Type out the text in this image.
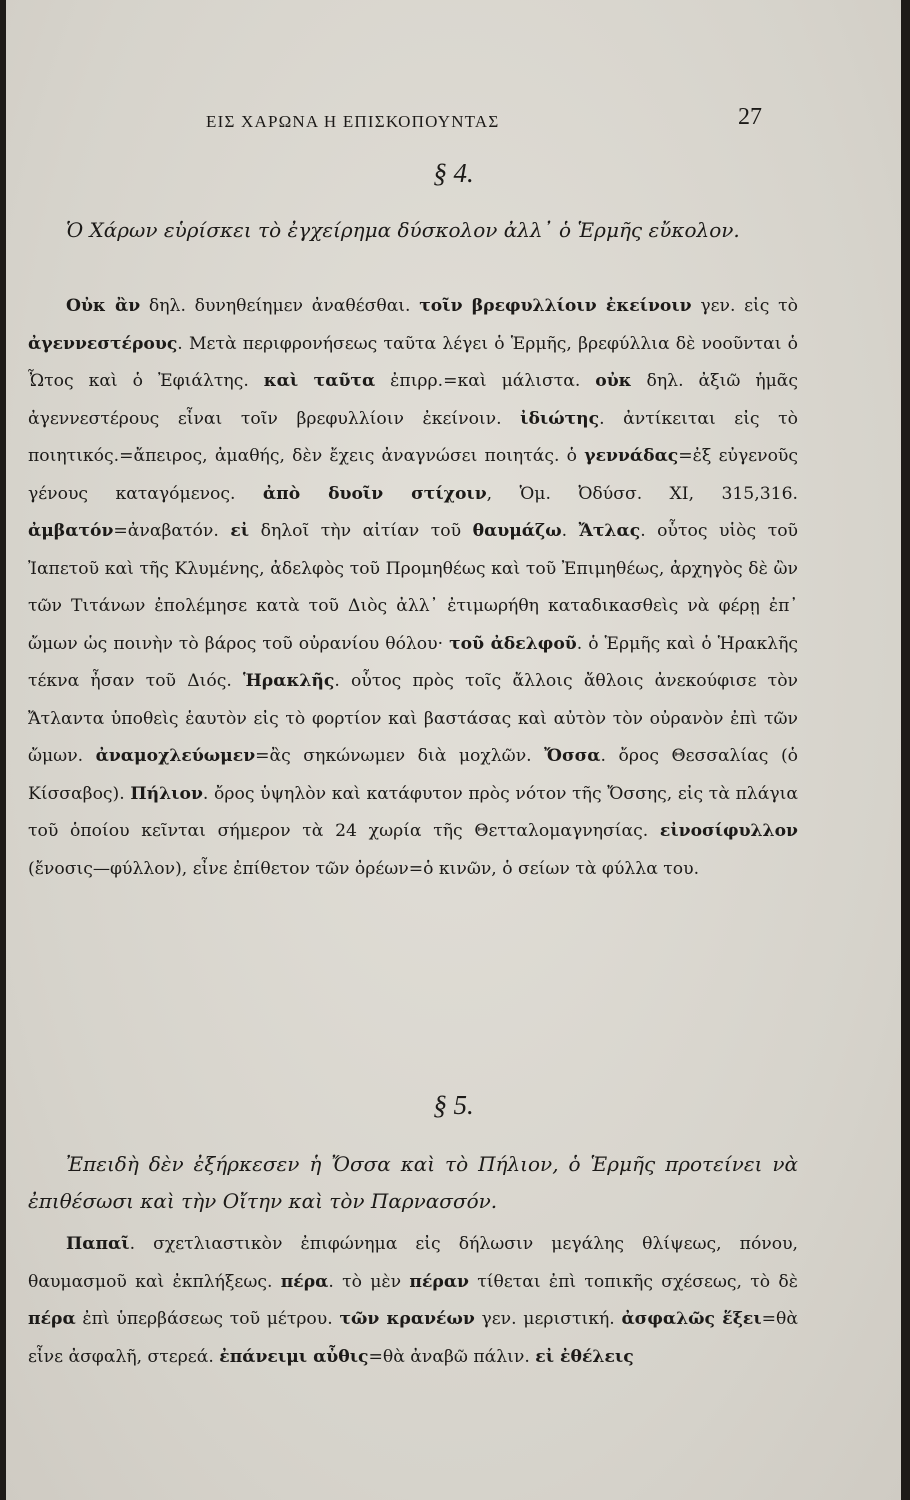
ΕΙΣ ΧΑΡΩΝΑ Η ΕΠΙΣΚΟΠΟΥΝΤΑΣ	27
§ 4.
Ὁ Χάρων εὑρίσκει τὸ ἐγχείρημα δύσκολον ἀλλ᾽ ὁ Ἑρμῆς εὔκολον.
Οὐκ ἂν δηλ. δυνηθείημεν ἀναθέσθαι. τοῖν βρεφυλλίοιν ἐκείνοιν γεν. εἰς τὸ ἀγεννεστέρους. Μετὰ περιφρονήσεως ταῦτα λέγει ὁ Ἑρμῆς, βρεφύλλια δὲ νοοῦνται ὁ Ὦτος καὶ ὁ Ἐφιάλτης. καὶ ταῦτα ἐπιρρ.=καὶ μάλιστα. οὐκ δηλ. ἀξιῶ ἡμᾶς ἀγεννεστέρους εἶναι τοῖν βρεφυλλίοιν ἐκείνοιν. ἰδιώτης. ἀντίκειται εἰς τὸ ποιητικός.=ἄπειρος, ἀμαθής, δὲν ἔχεις ἀναγνώσει ποιητάς. ὁ γεννάδας=ἐξ εὐγενοῦς γένους καταγόμενος. ἀπὸ δυοῖν στίχοιν, Ὁμ. Ὀδύσσ. XI, 315,316. ἀμβατόν=ἀναβατόν. εἰ δηλοῖ τὴν αἰτίαν τοῦ θαυμάζω. Ἄτλας. οὗτος υἱὸς τοῦ Ἰαπετοῦ καὶ τῆς Κλυμένης, ἀδελφὸς τοῦ Προμηθέως καὶ τοῦ Ἐπιμηθέως, ἀρχηγὸς δὲ ὢν τῶν Τιτάνων ἐπολέμησε κατὰ τοῦ Διὸς ἀλλ᾽ ἐτιμωρήθη καταδικασθεὶς νὰ φέρῃ ἐπ᾽ ὤμων ὡς ποινὴν τὸ βάρος τοῦ οὐρανίου θόλου· τοῦ ἀδελφοῦ. ὁ Ἑρμῆς καὶ ὁ Ἡρακλῆς τέκνα ἦσαν τοῦ Διός. Ἡρακλῆς. οὗτος πρὸς τοῖς ἄλλοις ἄθλοις ἀνεκούφισε τὸν Ἄτλαντα ὑποθεὶς ἑαυτὸν εἰς τὸ φορτίον καὶ βαστάσας καὶ αὐτὸν τὸν οὐρανὸν ἐπὶ τῶν ὤμων. ἀναμοχλεύωμεν=ἂς σηκώνωμεν διὰ μοχλῶν. Ὄσσα. ὄρος Θεσσαλίας (ὁ Κίσσαβος). Πήλιον. ὄρος ὑψηλὸν καὶ κατάφυτον πρὸς νότον τῆς Ὄσσης, εἰς τὰ πλάγια τοῦ ὁποίου κεῖνται σήμερον τὰ 24 χωρία τῆς Θετταλομαγνησίας. εἰνοσίφυλλον (ἔνοσις—φύλλον), εἶνε ἐπίθετον τῶν ὀρέων=ὁ κινῶν, ὁ σείων τὰ φύλλα του.
§ 5.
Ἐπειδὴ δὲν ἐξήρκεσεν ἡ Ὄσσα καὶ τὸ Πήλιον, ὁ Ἑρμῆς προτείνει νὰ ἐπιθέσωσι καὶ τὴν Οἴτην καὶ τὸν Παρνασσόν.
Παπαῖ. σχετλιαστικὸν ἐπιφώνημα εἰς δήλωσιν μεγάλης θλίψεως, πόνου, θαυμασμοῦ καὶ ἐκπλήξεως. πέρα. τὸ μὲν πέραν τίθεται ἐπὶ τοπικῆς σχέσεως, τὸ δὲ πέρα ἐπὶ ὑπερβάσεως τοῦ μέτρου. τῶν κρανέων γεν. μεριστική. ἀσφαλῶς ἕξει=θὰ εἶνε ἀσφαλῆ, στερεά. ἐπάνειμι αὖθις=θὰ ἀναβῶ πάλιν. εἰ ἐθέλεις
